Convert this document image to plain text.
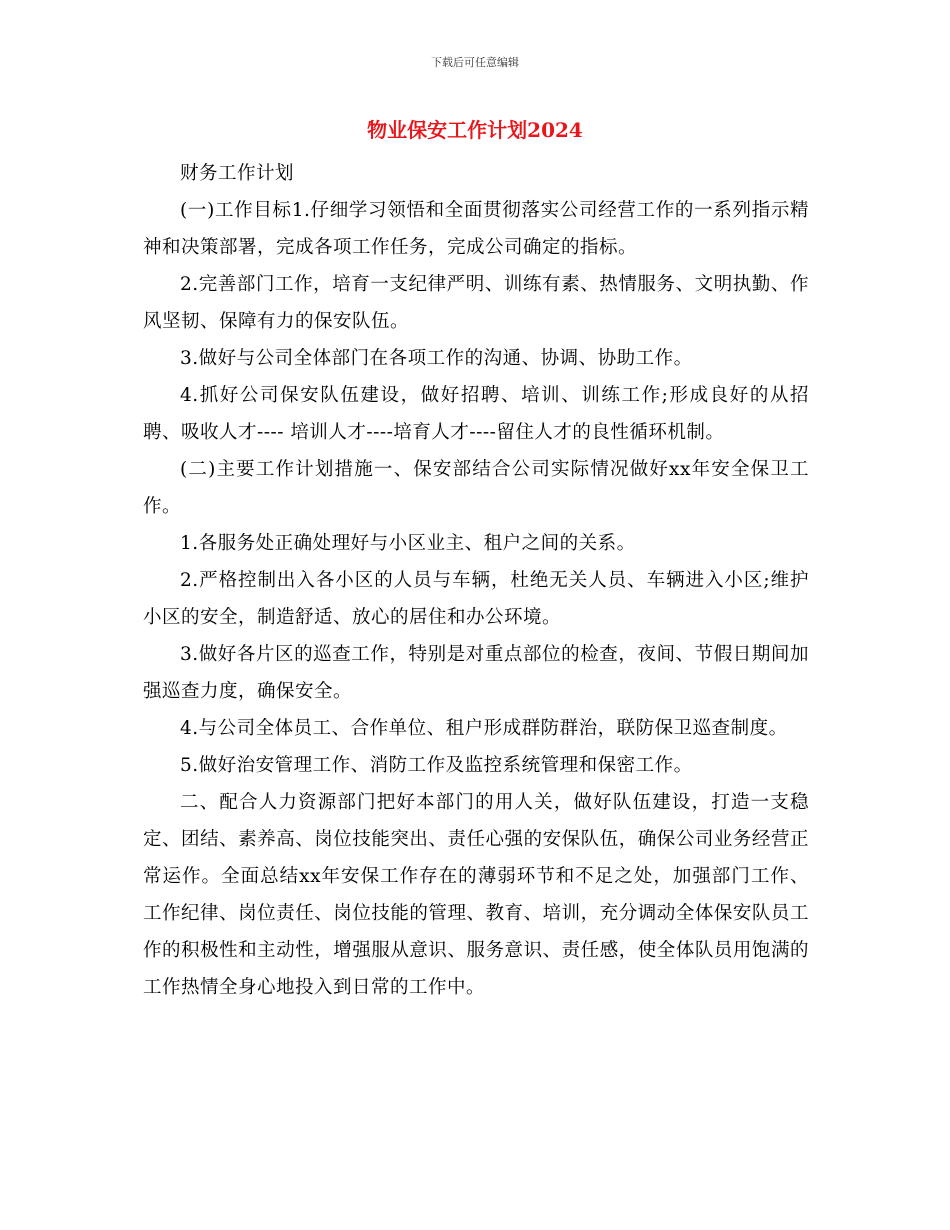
下载后可任意编辑
物业保安工作计划2024

财务工作计划

(一)工作目标1.仔细学习领悟和全面贯彻落实公司经营工作的一系列指示精神和决策部署，完成各项工作任务，完成公司确定的指标。

2.完善部门工作，培育一支纪律严明、训练有素、热情服务、文明执勤、作风坚韧、保障有力的保安队伍。

3.做好与公司全体部门在各项工作的沟通、协调、协助工作。

4.抓好公司保安队伍建设，做好招聘、培训、训练工作;形成良好的从招聘、吸收人才---- 培训人才----培育人才----留住人才的良性循环机制。

(二)主要工作计划措施一、保安部结合公司实际情况做好xx年安全保卫工作。

1.各服务处正确处理好与小区业主、租户之间的关系。

2.严格控制出入各小区的人员与车辆，杜绝无关人员、车辆进入小区;维护小区的安全，制造舒适、放心的居住和办公环境。

3.做好各片区的巡查工作，特别是对重点部位的检查，夜间、节假日期间加强巡查力度，确保安全。

4.与公司全体员工、合作单位、租户形成群防群治，联防保卫巡查制度。

5.做好治安管理工作、消防工作及监控系统管理和保密工作。

二、配合人力资源部门把好本部门的用人关，做好队伍建设，打造一支稳定、团结、素养高、岗位技能突出、责任心强的安保队伍，确保公司业务经营正常运作。全面总结xx年安保工作存在的薄弱环节和不足之处，加强部门工作、工作纪律、岗位责任、岗位技能的管理、教育、培训，充分调动全体保安队员工作的积极性和主动性，增强服从意识、服务意识、责任感，使全体队员用饱满的工作热情全身心地投入到日常的工作中。
